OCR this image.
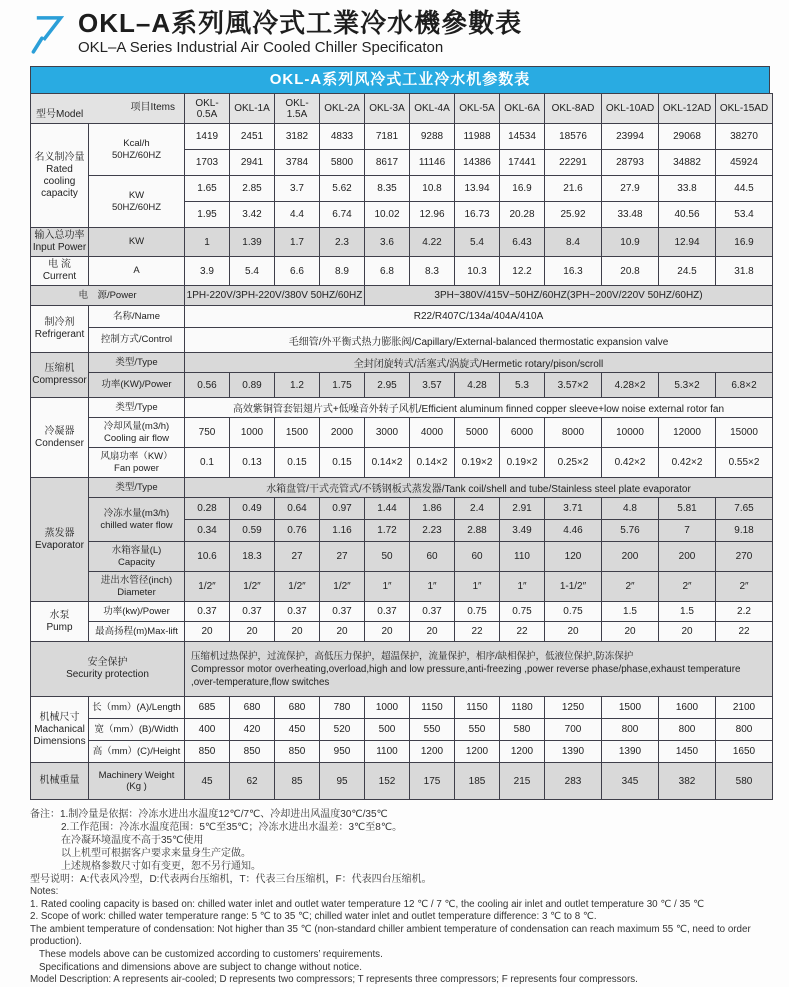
OKL–A系列風冷式工業冷水機參數表
OKL–A Series Industrial Air Cooled Chiller Specificaton
OKL-A系列风冷式工业冷水机参数表
型号Model
项目Items		OKL-0.5A	OKL-1A	OKL-1.5A	OKL-2A	OKL-3A	OKL-4A	OKL-5A	OKL-6A	OKL-8AD	OKL-10AD	OKL-12AD	OKL-15AD

名义制冷量
Rated cooling capacity

Kcal/h
50HZ/60HZ
	1419	2451	3182	4833	7181	9288	11988	14534	18576	23994	29068	38270
		1703	2941	3784	5800	8617	11146	14386	17441	22291	28793	34882	45924

	KW
50HZ/60HZ	1.65	2.85	3.7	5.62	8.35	10.8	13.94	16.9	21.6	27.9	33.8	44.5
		1.95	3.42	4.4	6.74	10.02	12.96	16.73	20.28	25.92	33.48	40.56	53.4

输入总功率
Input Power	KW	1	1.39	1.7	2.3	3.6	4.22	5.4	6.43	8.4	10.9	12.94	16.9

电 流
Current	A	3.9	5.4	6.6	8.9	6.8	8.3	10.3	12.2	16.3	20.8	24.5	31.8
电　源/Power		1PH-220V/3PH-220V/380V 50HZ/60HZ				3PH~380V/415V~50HZ/60HZ(3PH~200V/220V 50HZ/60HZ)							

制冷剂
Refrigerant	名称/Name	R22/R407C/134a/404A/410A											
	控制方式/Control	毛细管/外平衡式热力膨胀阀/Capillary/External-balanced thermostatic expansion valve											

压缩机
Compressor	类型/Type	全封闭旋转式/活塞式/涡旋式/Hermetic rotary/pison/scroll											
	功率(KW)/Power	0.56	0.89	1.2	1.75	2.95	3.57	4.28	5.3	3.57×2	4.28×2	5.3×2	6.8×2

冷凝器
Condenser	类型/Type	高效紫铜管套铝翅片式+低噪音外转子风机/Efficient aluminum finned copper sleeve+low noise external rotor fan											

	冷却风量(m3/h)
Cooling air flow	750	1000	1500	2000	3000	4000	5000	6000	8000	10000	12000	15000

	风扇功率（KW）
Fan power	0.1	0.13	0.15	0.15	0.14×2	0.14×2	0.19×2	0.19×2	0.25×2	0.42×2	0.42×2	0.55×2

蒸发器
Evaporator	类型/Type	水箱盘管/干式壳管式/不锈钢板式蒸发器/Tank coil/shell and tube/Stainless steel plate evaporator											

	冷冻水量(m3/h)
chilled water flow	0.28	0.49	0.64	0.97	1.44	1.86	2.4	2.91	3.71	4.8	5.81	7.65
		0.34	0.59	0.76	1.16	1.72	2.23	2.88	3.49	4.46	5.76	7	9.18

	水箱容量(L)
Capacity	10.6	18.3	27	27	50	60	60	110	120	200	200	270

	进出水管径(inch)
Diameter	1/2″	1/2″	1/2″	1/2″	1″	1″	1″	1″	1-1/2″	2″	2″	2″

水泵
Pump	功率(kw)/Power	0.37	0.37	0.37	0.37	0.37	0.37	0.75	0.75	0.75	1.5	1.5	2.2
	最高扬程(m)Max-lift	20	20	20	20	20	20	22	22	20	20	20	22

安全保护
Security protection

压缩机过热保护，过流保护，高低压力保护，超温保护，流量保护，相序/缺相保护，低液位保护,防冻保护
Compressor motor overheating,overload,high and low pressure,anti-freezing ,power reverse phase/phase,exhaust temperature ,over-temperature,flow switches

机械尺寸
Machanical Dimensions	长（mm）(A)/Length	685	680	680	780	1000	1150	1150	1180	1250	1500	1600	2100
	宽（mm）(B)/Width	400	420	450	520	500	550	550	580	700	800	800	800
	高（mm）(C)/Height	850	850	850	950	1100	1200	1200	1200	1390	1390	1450	1650
机械重量	Machinery Weight
(Kg )	45	62	85	95	152	175	185	215	283	345	382	580
备注：1.制冷量是依据：冷冻水进出水温度12℃/7℃、冷却进出风温度30℃/35℃
2.工作范围：冷冻水温度范围：5℃至35℃；冷冻水进出水温差：3℃至8℃。
在冷凝环境温度不高于35℃使用
以上机型可根据客户要求来量身生产定做。
上述规格参数尺寸如有变更，恕不另行通知。
型号说明：A:代表风冷型，D:代表两台压缩机，T：代表三台压缩机，F：代表四台压缩机。
Notes:
1. Rated cooling capacity is based on: chilled water inlet and outlet water temperature 12 ℃ / 7 ℃, the cooling air inlet and outlet temperature 30 ℃ / 35 ℃
2. Scope of work: chilled water temperature range: 5 ℃ to 35 ℃; chilled water inlet and outlet temperature difference: 3 ℃ to 8 ℃.
The ambient temperature of condensation: Not higher than 35 ℃ (non-standard chiller ambient temperature of condensation can reach maximum 55 ℃, need to order production).
These models above can be customized according to customers’ requirements.
Specifications and dimensions above are subject to change without notice.
Model Description: A represents air-cooled; D represents two compressors; T represents three compressors; F represents four compressors.
